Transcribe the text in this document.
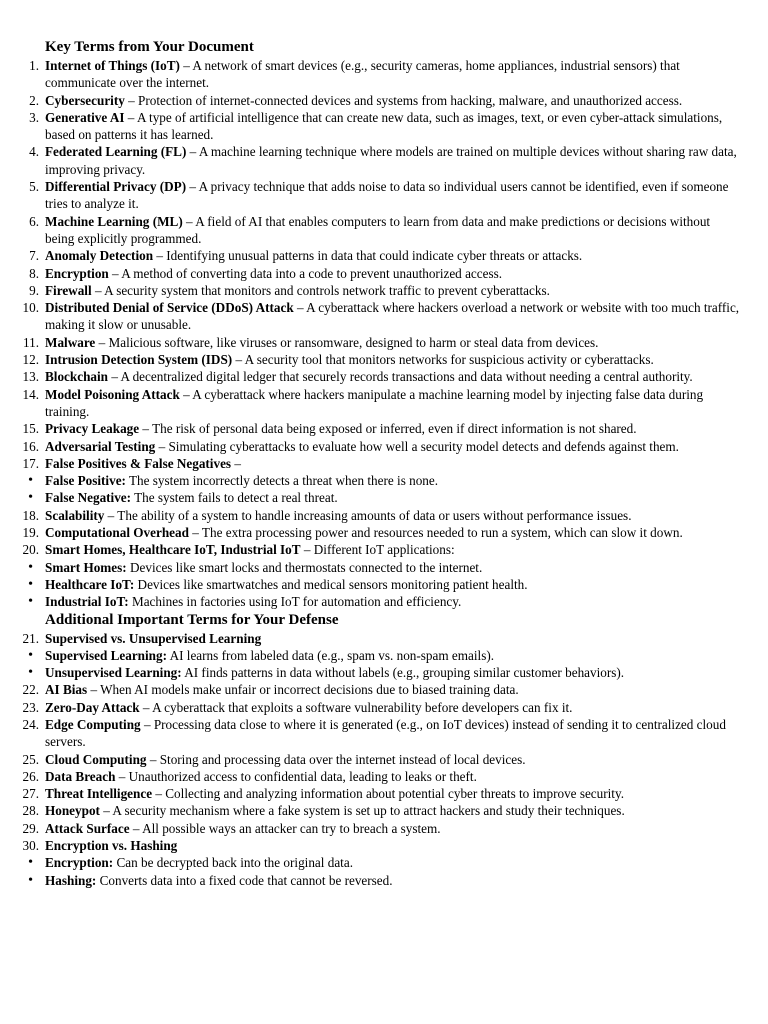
Key Terms from Your Document
1. Internet of Things (IoT) – A network of smart devices (e.g., security cameras, home appliances, industrial sensors) that communicate over the internet.
2. Cybersecurity – Protection of internet-connected devices and systems from hacking, malware, and unauthorized access.
3. Generative AI – A type of artificial intelligence that can create new data, such as images, text, or even cyber-attack simulations, based on patterns it has learned.
4. Federated Learning (FL) – A machine learning technique where models are trained on multiple devices without sharing raw data, improving privacy.
5. Differential Privacy (DP) – A privacy technique that adds noise to data so individual users cannot be identified, even if someone tries to analyze it.
6. Machine Learning (ML) – A field of AI that enables computers to learn from data and make predictions or decisions without being explicitly programmed.
7. Anomaly Detection – Identifying unusual patterns in data that could indicate cyber threats or attacks.
8. Encryption – A method of converting data into a code to prevent unauthorized access.
9. Firewall – A security system that monitors and controls network traffic to prevent cyberattacks.
10. Distributed Denial of Service (DDoS) Attack – A cyberattack where hackers overload a network or website with too much traffic, making it slow or unusable.
11. Malware – Malicious software, like viruses or ransomware, designed to harm or steal data from devices.
12. Intrusion Detection System (IDS) – A security tool that monitors networks for suspicious activity or cyberattacks.
13. Blockchain – A decentralized digital ledger that securely records transactions and data without needing a central authority.
14. Model Poisoning Attack – A cyberattack where hackers manipulate a machine learning model by injecting false data during training.
15. Privacy Leakage – The risk of personal data being exposed or inferred, even if direct information is not shared.
16. Adversarial Testing – Simulating cyberattacks to evaluate how well a security model detects and defends against them.
17. False Positives & False Negatives –
• False Positive: The system incorrectly detects a threat when there is none.
• False Negative: The system fails to detect a real threat.
18. Scalability – The ability of a system to handle increasing amounts of data or users without performance issues.
19. Computational Overhead – The extra processing power and resources needed to run a system, which can slow it down.
20. Smart Homes, Healthcare IoT, Industrial IoT – Different IoT applications:
• Smart Homes: Devices like smart locks and thermostats connected to the internet.
• Healthcare IoT: Devices like smartwatches and medical sensors monitoring patient health.
• Industrial IoT: Machines in factories using IoT for automation and efficiency.
Additional Important Terms for Your Defense
21. Supervised vs. Unsupervised Learning
• Supervised Learning: AI learns from labeled data (e.g., spam vs. non-spam emails).
• Unsupervised Learning: AI finds patterns in data without labels (e.g., grouping similar customer behaviors).
22. AI Bias – When AI models make unfair or incorrect decisions due to biased training data.
23. Zero-Day Attack – A cyberattack that exploits a software vulnerability before developers can fix it.
24. Edge Computing – Processing data close to where it is generated (e.g., on IoT devices) instead of sending it to centralized cloud servers.
25. Cloud Computing – Storing and processing data over the internet instead of local devices.
26. Data Breach – Unauthorized access to confidential data, leading to leaks or theft.
27. Threat Intelligence – Collecting and analyzing information about potential cyber threats to improve security.
28. Honeypot – A security mechanism where a fake system is set up to attract hackers and study their techniques.
29. Attack Surface – All possible ways an attacker can try to breach a system.
30. Encryption vs. Hashing
• Encryption: Can be decrypted back into the original data.
• Hashing: Converts data into a fixed code that cannot be reversed.
